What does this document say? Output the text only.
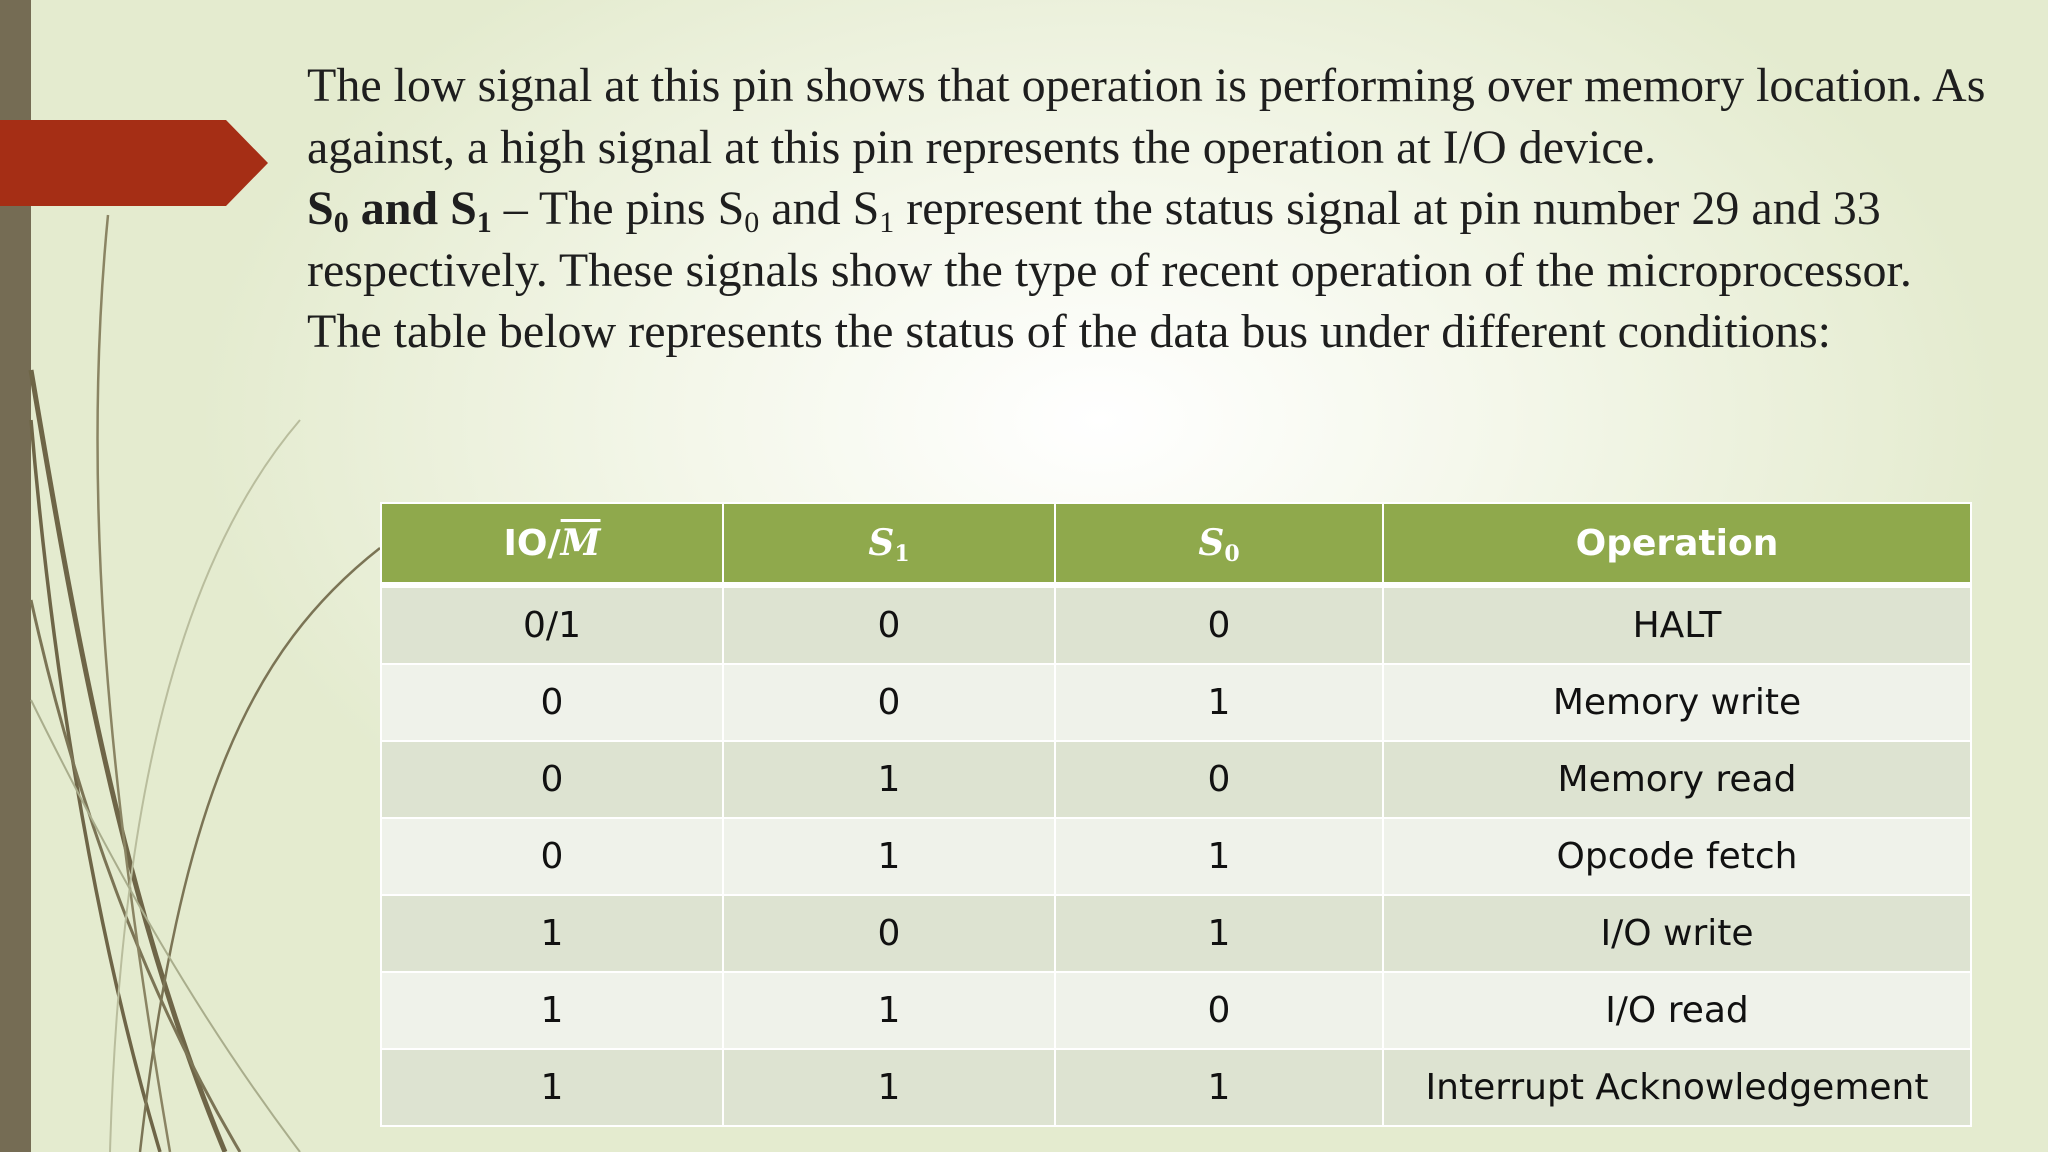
The low signal at this pin shows that operation is performing over memory location. As against, a high signal at this pin represents the operation at I/O device.

$S_0$ and $S_1$ – The pins $S_0$ and $S_1$ represent the status signal at pin number 29 and 33 respectively. These signals show the type of recent operation of the microprocessor. The table below represents the status of the data bus under different conditions:

$IO/\overline{M}$	$S_1$	$S_0$	Operation
0/1	0	0	HALT
0	0	1	Memory write
0	1	0	Memory read
0	1	1	Opcode fetch
1	0	1	I/O write
1	1	0	I/O read
1	1	1	Interrupt Acknowledgement
